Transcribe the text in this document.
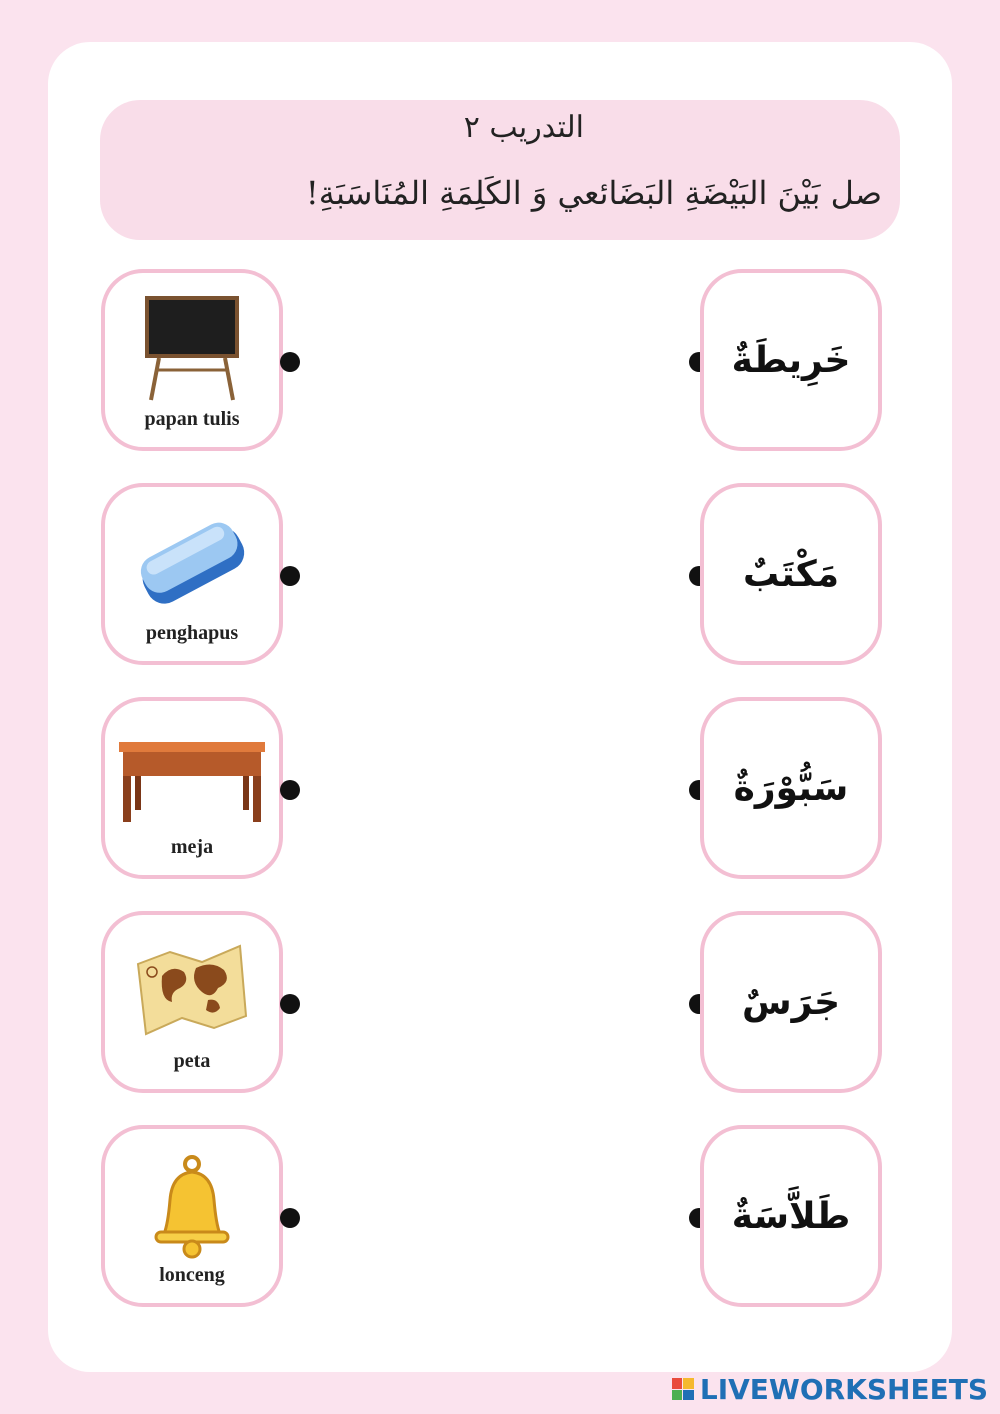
التدريب ٢
صل بَيْنَ البَيْضَةِ البَضَائعي وَ الكَلِمَةِ المُنَاسَبَةِ!
papan tulis
خَرِيطَةٌ
penghapus
مَكْتَبٌ
meja
سَبُّوْرَةٌ
peta
جَرَسٌ
lonceng
طَلاَّسَةٌ
LIVEWORKSHEETS
